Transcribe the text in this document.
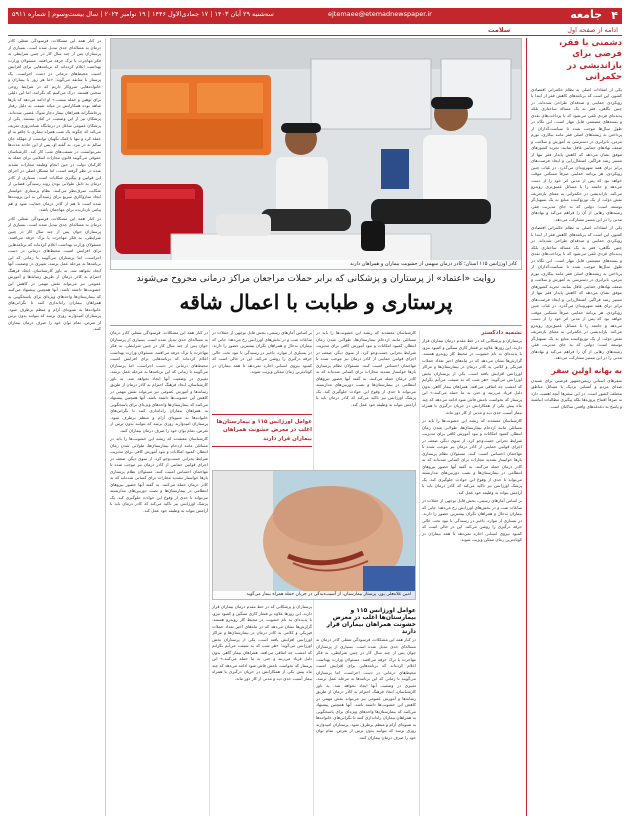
سه‌شنبه ۲۹ آبان ۱۴۰۳ | ۱۷ جمادی‌الاول ۱۴۴۶ | ۱۹ نوامبر ۲۰۲۴ | سال بیست‌وسوم | شماره ۵۹۱۱	ejtemaee@etemadnewspaper.ir	جامعه ۴
سلامت	ادامه از صفحه اول
دشمنی با فقر، فرضی برای بازاندیشی در حکمرانی
یکی از انتقادات اصلی به نظام حکمرانی اقتصادی کشور، این است که برنامه‌های کاهش فقر از ابتدا با رویکردی حمایتی و صدقه‌ای طراحی شده‌اند. در چنین نگاهی، فقر نه یک مساله ساختاری بلکه پدیده‌ای فردی تلقی می‌شود که با پرداخت‌های نقدی و بسته‌های معیشتی قابل مهار است. این نگاه در طول سال‌ها موجب شده تا سیاست‌گذاران از پرداختن به ریشه‌های اصلی فقر مانند بیکاری، تورم مزمن، نابرابری در دسترسی به آموزش و سلامت و ضعف نهادهای حمایتی غافل بمانند. تجربه کشورهای موفق نشان می‌دهد که کاهش پایدار فقر تنها از مسیر رشد فراگیر، اشتغال‌زایی و ایجاد فرصت‌های برابر برای همه شهروندان می‌گذرد. در غیاب چنین رویکردی، هر برنامه حمایتی صرفاً مسکنی موقت خواهد بود که پس از مدتی اثر خود را از دست می‌دهد و جامعه را با مسائل عمیق‌تری روبه‌رو می‌کند. بازاندیشی در حکمرانی به معنای بازتعریف نقش دولت از یک توزیع‌کننده منابع به یک تسهیل‌گر توسعه است؛ دولتی که به جای مدیریت فقر، زمینه‌های رهایی از آن را فراهم می‌کند و نهادهای مدنی را در این مسیر مشارکت می‌دهد.
یکی از انتقادات اصلی به نظام حکمرانی اقتصادی کشور، این است که برنامه‌های کاهش فقر از ابتدا با رویکردی حمایتی و صدقه‌ای طراحی شده‌اند. در چنین نگاهی، فقر نه یک مساله ساختاری بلکه پدیده‌ای فردی تلقی می‌شود که با پرداخت‌های نقدی و بسته‌های معیشتی قابل مهار است. این نگاه در طول سال‌ها موجب شده تا سیاست‌گذاران از پرداختن به ریشه‌های اصلی فقر مانند بیکاری، تورم مزمن، نابرابری در دسترسی به آموزش و سلامت و ضعف نهادهای حمایتی غافل بمانند. تجربه کشورهای موفق نشان می‌دهد که کاهش پایدار فقر تنها از مسیر رشد فراگیر، اشتغال‌زایی و ایجاد فرصت‌های برابر برای همه شهروندان می‌گذرد. در غیاب چنین رویکردی، هر برنامه حمایتی صرفاً مسکنی موقت خواهد بود که پس از مدتی اثر خود را از دست می‌دهد و جامعه را با مسائل عمیق‌تری روبه‌رو می‌کند. بازاندیشی در حکمرانی به معنای بازتعریف نقش دولت از یک توزیع‌کننده منابع به یک تسهیل‌گر توسعه است؛ دولتی که به جای مدیریت فقر، زمینه‌های رهایی از آن را فراهم می‌کند و نهادهای مدنی را در این مسیر مشارکت می‌دهد.
به بهانه اولین سفر
سفرهای استانی رییس‌جمهور فرصتی برای شنیدن صدای مردم و آشنایی نزدیک با مسائل مناطق مختلف کشور است. در این سفرها آنچه اهمیت دارد نه صرفاً افتتاح پروژه‌ها بلکه پیگیری مطالبات انباشته و پاسخ به دغدغه‌های واقعی ساکنان است.
در کنار همه این مشکلات، فرسودگی شغلی کادر درمان به مساله‌ای جدی تبدیل شده است. بسیاری از پرستاران پس از چند سال کار در چنین شرایطی به فکر مهاجرت یا ترک حرفه می‌افتند. مسئولان وزارت بهداشت اعلام کرده‌اند که برنامه‌هایی برای افزایش امنیت محیط‌های درمانی در دست اجراست. یک پرستار با سابقه می‌گوید: «ما هر روز با بیماران و خانواده‌هایی سروکار داریم که در شرایط روحی سختی هستند. درک می‌کنیم که نگرانند، اما این دلیلی برای توهین و حمله نیست.» او ادامه می‌دهد که بارها شاهد بوده همکارانش در میانه شیفت به دلیل رفتار پرخاشگرانه همراهان بیمار دچار شوک عصبی شده‌اند. پزشکان نیز از این وضعیت در امان نیستند. یکی از پزشکان عمومی شاغل در درمانگاه شبانه‌روزی تعریف می‌کند که چگونه یک شب همراه بیماری با چاقو به او حمله کرد و تنها با کمک نگهبان توانست از مهلکه جان سالم به در ببرد. به گفته او، پس از این حادثه مدت‌ها نمی‌توانست در شیفت‌های شب کار کند. کارشناسان حقوقی می‌گویند قانون مجازات اسلامی برای حمله به کارکنان دولت در حین انجام وظیفه مجازات تشدید شده در نظر گرفته است، اما مشکل اصلی در اجرای این قوانین و پیگیری شکایات است. بسیاری از کادر درمان به دلیل طولانی بودن روند رسیدگی قضایی از شکایت صرف‌نظر می‌کنند. نظام پرستاری خواستار ایجاد سازوکاری سریع برای رسیدگی به این پرونده‌ها شده است تا هم از کادر درمان حمایت شود و هم پیامی بازدارنده برای مهاجمان باشد.
در کنار همه این مشکلات، فرسودگی شغلی کادر درمان به مساله‌ای جدی تبدیل شده است. بسیاری از پرستاران جوان پس از چند سال کار در چنین شرایطی، به فکر مهاجرت یا ترک حرفه می‌افتند. مسئولان وزارت بهداشت اعلام کرده‌اند که برنامه‌هایی برای افزایش امنیت محیط‌های درمانی در دست اجراست، اما پرستاران می‌گویند تا زمانی که این برنامه‌ها به مرحله عمل نرسد، تغییری در وضعیت آنها ایجاد نخواهد شد. به باور کارشناسان، ایجاد فرهنگ احترام به کادر درمان از طریق رسانه‌ها و آموزش عمومی نیز می‌تواند نقش مهمی در کاهش این خشونت‌ها داشته باشد. آنها همچنین پیشنهاد می‌کنند که بیمارستان‌ها واحدهای ویژه‌ای برای پاسخگویی به همراهان بیماران راه‌اندازی کنند تا نگرانی‌های خانواده‌ها به شیوه‌ای آرام و منظم برطرف شود. پرستاران امیدوارند روزی برسد که بتوانند بدون ترس از تعرض، تمام توان خود را صرف درمان بیماران کنند.
کادر اورژانس ۱۱۵ استان؛ کادر درمان سهمی از خشونت بیماران و همراهان دارند
روایت «اعتماد» از پرستاران و پزشکانی که برابر حملات مراجعان مراکز درمانی مجروح می‌شوند
پرستاری و طبابت با اعمال شاقه
نشمیه دادگستر
پرستاران و پزشکانی که در خط مقدم درمان بیماران قرار دارند، این روزها علاوه بر فشار کاری سنگین و کمبود نیرو، با پدیده‌ای به نام خشونت در محیط کار روبه‌رو هستند. گزارش‌ها نشان می‌دهد که در ماه‌های اخیر تعداد حملات فیزیکی و کلامی به کادر درمان در بیمارستان‌ها و مراکز اورژانس افزایش یافته است. یکی از پرستاران بخش اورژانس می‌گوید: «هر شب که به شیفت می‌آیم نگرانم که امشب چه اتفاقی می‌افتد. همراهان بیمار گاهی بدون دلیل فریاد می‌زنند و حتی به ما حمله می‌کنند.» این پرستار که نخواست نامش فاش شود ادامه می‌دهد که چند ماه پیش یکی از همکارانش در جریان درگیری با همراه بیمار آسیب جدی دید و مدتی از کار دور ماند.
کارشناسان معتقدند که ریشه این خشونت‌ها را باید در مسائلی مانند ازدحام بیمارستان‌ها، طولانی شدن زمان انتظار، کمبود امکانات و نبود آموزش کافی برای مدیریت شرایط بحرانی جست‌وجو کرد. از سوی دیگر، ضعف در اجرای قوانین حمایتی از کادر درمان نیز موجب شده تا مهاجمان احساس امنیت کنند. مسئولان نظام پرستاری بارها خواستار تشدید مجازات برای کسانی شده‌اند که به کادر درمان حمله می‌کنند. به گفته آنها حضور نیروهای انتظامی در بیمارستان‌ها و نصب دوربین‌های مداربسته می‌تواند تا حدی از وقوع این حوادث جلوگیری کند. یک پزشک اورژانس نیز تاکید می‌کند که کادر درمان باید با آرامش بتواند به وظیفه خود عمل کند.
بر اساس آمارهای رسمی، بخش قابل توجهی از حملات در ساعات شب و در بخش‌های اورژانس رخ می‌دهد؛ جایی که بیماران بدحال و همراهان نگران بیشترین حضور را دارند. در بسیاری از موارد، تاخیر در رسیدگی یا نبود تخت خالی جرقه درگیری را روشن می‌کند. این در حالی است که کمبود نیروی انسانی اجازه نمی‌دهد تا همه بیماران در کوتاه‌ترین زمان ممکن ویزیت شوند.
کارشناسان معتقدند که ریشه این خشونت‌ها را باید در مسائلی مانند ازدحام بیمارستان‌ها، طولانی شدن زمان انتظار، کمبود امکانات و نبود آموزش کافی برای مدیریت شرایط بحرانی جست‌وجو کرد. از سوی دیگر، ضعف در اجرای قوانین حمایتی از کادر درمان نیز موجب شده تا مهاجمان احساس امنیت کنند. مسئولان نظام پرستاری بارها خواستار تشدید مجازات برای کسانی شده‌اند که به کادر درمان حمله می‌کنند. به گفته آنها حضور نیروهای انتظامی در بیمارستان‌ها و نصب دوربین‌های مداربسته می‌تواند تا حدی از وقوع این حوادث جلوگیری کند. یک پزشک اورژانس نیز تاکید می‌کند که کادر درمان باید با آرامش بتواند به وظیفه خود عمل کند.
بر اساس آمارهای رسمی، بخش قابل توجهی از حملات در ساعات شب و در بخش‌های اورژانس رخ می‌دهد؛ جایی که بیماران بدحال و همراهان نگران بیشترین حضور را دارند. در بسیاری از موارد، تاخیر در رسیدگی یا نبود تخت خالی جرقه درگیری را روشن می‌کند. این در حالی است که کمبود نیروی انسانی اجازه نمی‌دهد تا همه بیماران در کوتاه‌ترین زمان ممکن ویزیت شوند.
عوامل اورژانس ۱۱۵ و بیمارستان‌ها اغلب در معرض خشونت همراهان بیماران قرار دارند
امین غلامعلی پور، پرستار بیمارستان، از آسیب‌دیدگی در جریان حمله همراه بیمار می‌گوید
عوامل اورژانس ۱۱۵ و بیمارستان‌ها اغلب در معرض خشونت همراهان بیماران قرار دارند
در کنار همه این مشکلات، فرسودگی شغلی کادر درمان به مساله‌ای جدی تبدیل شده است. بسیاری از پرستاران جوان پس از چند سال کار در چنین شرایطی، به فکر مهاجرت یا ترک حرفه می‌افتند. مسئولان وزارت بهداشت اعلام کرده‌اند که برنامه‌هایی برای افزایش امنیت محیط‌های درمانی در دست اجراست، اما پرستاران می‌گویند تا زمانی که این برنامه‌ها به مرحله عمل نرسد، تغییری در وضعیت آنها ایجاد نخواهد شد. به باور کارشناسان، ایجاد فرهنگ احترام به کادر درمان از طریق رسانه‌ها و آموزش عمومی نیز می‌تواند نقش مهمی در کاهش این خشونت‌ها داشته باشد. آنها همچنین پیشنهاد می‌کنند که بیمارستان‌ها واحدهای ویژه‌ای برای پاسخگویی به همراهان بیماران راه‌اندازی کنند تا نگرانی‌های خانواده‌ها به شیوه‌ای آرام و منظم برطرف شود. پرستاران امیدوارند روزی برسد که بتوانند بدون ترس از تعرض، تمام توان خود را صرف درمان بیماران کنند.
پرستاران و پزشکانی که در خط مقدم درمان بیماران قرار دارند، این روزها علاوه بر فشار کاری سنگین و کمبود نیرو، با پدیده‌ای به نام خشونت در محیط کار روبه‌رو هستند. گزارش‌ها نشان می‌دهد که در ماه‌های اخیر تعداد حملات فیزیکی و کلامی به کادر درمان در بیمارستان‌ها و مراکز اورژانس افزایش یافته است. یکی از پرستاران بخش اورژانس می‌گوید: «هر شب که به شیفت می‌آیم نگرانم که امشب چه اتفاقی می‌افتد. همراهان بیمار گاهی بدون دلیل فریاد می‌زنند و حتی به ما حمله می‌کنند.» این پرستار که نخواست نامش فاش شود ادامه می‌دهد که چند ماه پیش یکی از همکارانش در جریان درگیری با همراه بیمار آسیب جدی دید و مدتی از کار دور ماند.
در کنار همه این مشکلات، فرسودگی شغلی کادر درمان به مساله‌ای جدی تبدیل شده است. بسیاری از پرستاران جوان پس از چند سال کار در چنین شرایطی، به فکر مهاجرت یا ترک حرفه می‌افتند. مسئولان وزارت بهداشت اعلام کرده‌اند که برنامه‌هایی برای افزایش امنیت محیط‌های درمانی در دست اجراست، اما پرستاران می‌گویند تا زمانی که این برنامه‌ها به مرحله عمل نرسد، تغییری در وضعیت آنها ایجاد نخواهد شد. به باور کارشناسان، ایجاد فرهنگ احترام به کادر درمان از طریق رسانه‌ها و آموزش عمومی نیز می‌تواند نقش مهمی در کاهش این خشونت‌ها داشته باشد. آنها همچنین پیشنهاد می‌کنند که بیمارستان‌ها واحدهای ویژه‌ای برای پاسخگویی به همراهان بیماران راه‌اندازی کنند تا نگرانی‌های خانواده‌ها به شیوه‌ای آرام و منظم برطرف شود. پرستاران امیدوارند روزی برسد که بتوانند بدون ترس از تعرض، تمام توان خود را صرف درمان بیماران کنند.
کارشناسان معتقدند که ریشه این خشونت‌ها را باید در مسائلی مانند ازدحام بیمارستان‌ها، طولانی شدن زمان انتظار، کمبود امکانات و نبود آموزش کافی برای مدیریت شرایط بحرانی جست‌وجو کرد. از سوی دیگر، ضعف در اجرای قوانین حمایتی از کادر درمان نیز موجب شده تا مهاجمان احساس امنیت کنند. مسئولان نظام پرستاری بارها خواستار تشدید مجازات برای کسانی شده‌اند که به کادر درمان حمله می‌کنند. به گفته آنها حضور نیروهای انتظامی در بیمارستان‌ها و نصب دوربین‌های مداربسته می‌تواند تا حدی از وقوع این حوادث جلوگیری کند. یک پزشک اورژانس نیز تاکید می‌کند که کادر درمان باید با آرامش بتواند به وظیفه خود عمل کند.
